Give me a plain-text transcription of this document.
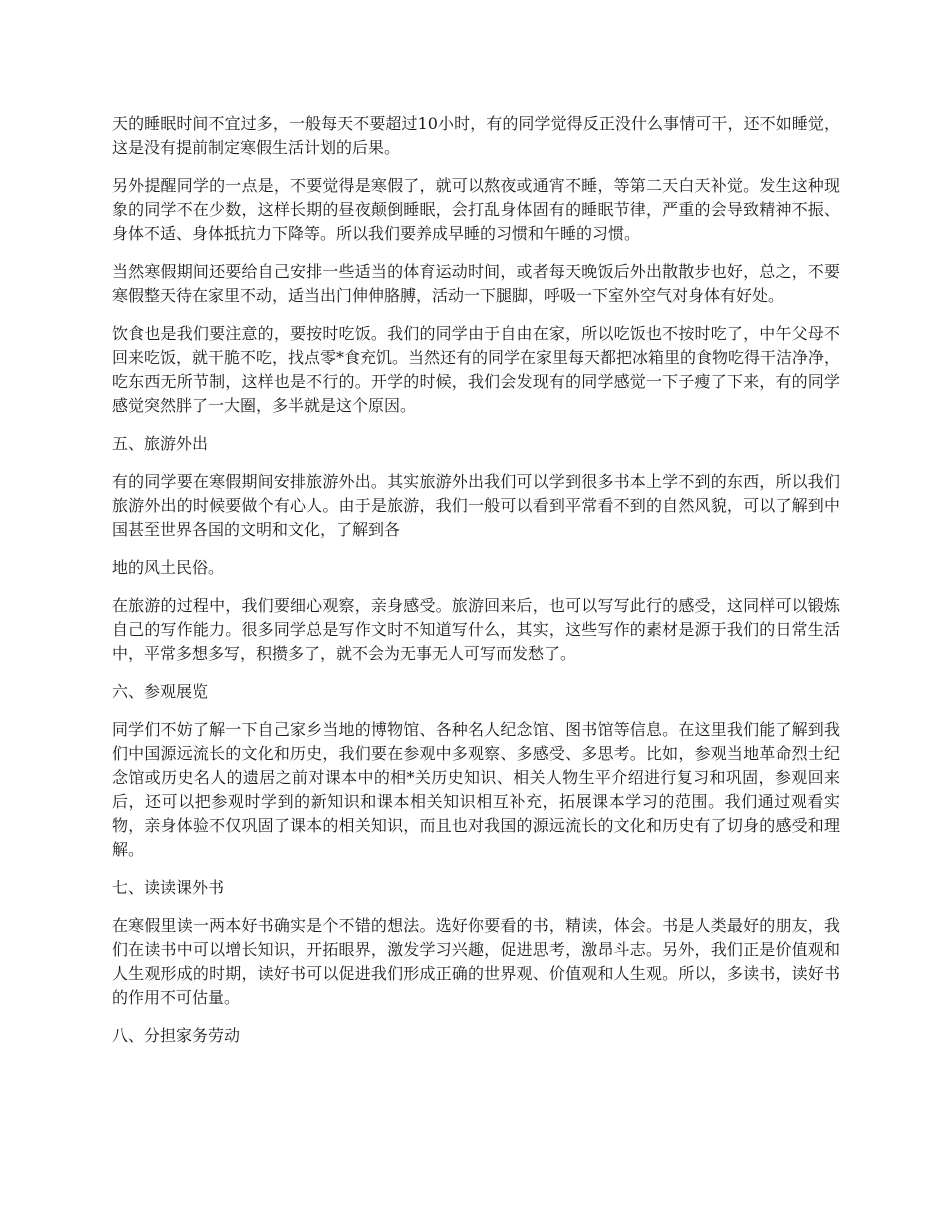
天的睡眠时间不宜过多，一般每天不要超过10小时，有的同学觉得反正没什么事情可干，还不如睡觉，这是没有提前制定寒假生活计划的后果。

另外提醒同学的一点是，不要觉得是寒假了，就可以熬夜或通宵不睡，等第二天白天补觉。发生这种现象的同学不在少数，这样长期的昼夜颠倒睡眠，会打乱身体固有的睡眠节律，严重的会导致精神不振、身体不适、身体抵抗力下降等。所以我们要养成早睡的习惯和午睡的习惯。

当然寒假期间还要给自己安排一些适当的体育运动时间，或者每天晚饭后外出散散步也好，总之，不要寒假整天待在家里不动，适当出门伸伸胳膊，活动一下腿脚，呼吸一下室外空气对身体有好处。

饮食也是我们要注意的，要按时吃饭。我们的同学由于自由在家，所以吃饭也不按时吃了，中午父母不回来吃饭，就干脆不吃，找点零*食充饥。当然还有的同学在家里每天都把冰箱里的食物吃得干洁净净，吃东西无所节制，这样也是不行的。开学的时候，我们会发现有的同学感觉一下子瘦了下来，有的同学感觉突然胖了一大圈，多半就是这个原因。

五、旅游外出

有的同学要在寒假期间安排旅游外出。其实旅游外出我们可以学到很多书本上学不到的东西，所以我们旅游外出的时候要做个有心人。由于是旅游，我们一般可以看到平常看不到的自然风貌，可以了解到中国甚至世界各国的文明和文化，了解到各

地的风土民俗。

在旅游的过程中，我们要细心观察，亲身感受。旅游回来后，也可以写写此行的感受，这同样可以锻炼自己的写作能力。很多同学总是写作文时不知道写什么，其实，这些写作的素材是源于我们的日常生活中，平常多想多写，积攒多了，就不会为无事无人可写而发愁了。

六、参观展览

同学们不妨了解一下自己家乡当地的博物馆、各种名人纪念馆、图书馆等信息。在这里我们能了解到我们中国源远流长的文化和历史，我们要在参观中多观察、多感受、多思考。比如，参观当地革命烈士纪念馆或历史名人的遗居之前对课本中的相*关历史知识、相关人物生平介绍进行复习和巩固，参观回来后，还可以把参观时学到的新知识和课本相关知识相互补充，拓展课本学习的范围。我们通过观看实物，亲身体验不仅巩固了课本的相关知识，而且也对我国的源远流长的文化和历史有了切身的感受和理解。

七、读读课外书

在寒假里读一两本好书确实是个不错的想法。选好你要看的书，精读，体会。书是人类最好的朋友，我们在读书中可以增长知识，开拓眼界，激发学习兴趣，促进思考，激昂斗志。另外，我们正是价值观和人生观形成的时期，读好书可以促进我们形成正确的世界观、价值观和人生观。所以，多读书，读好书的作用不可估量。

八、分担家务劳动
